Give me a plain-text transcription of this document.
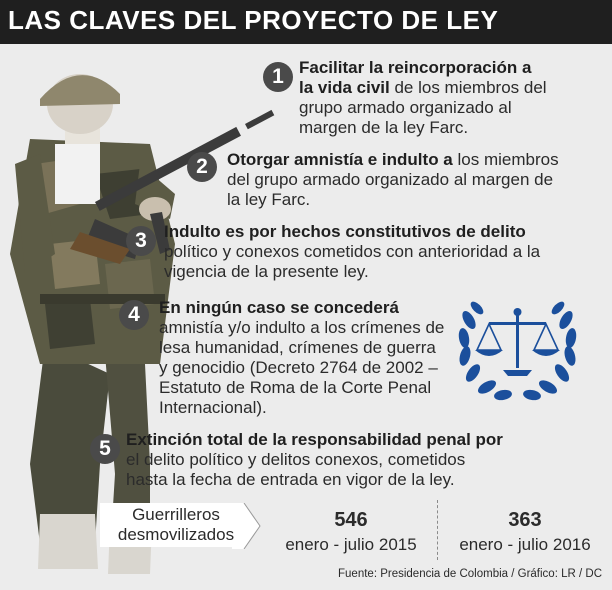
LAS CLAVES DEL PROYECTO DE LEY
1 Facilitar la reincorporación a la vida civil de los miembros del grupo armado organizado al margen de la ley Farc.
2	Otorgar amnistía e indulto a los miembros del grupo armado organizado al margen de la ley Farc.
3	Indulto es por hechos constitutivos de delito político y conexos cometidos con anterioridad a la vigencia de la presente ley.
4	En ningún caso se concederá amnistía y/o indulto a los crímenes de lesa humanidad, crímenes de guerra y genocidio (Decreto 2764 de 2002 – Estatuto de Roma de la Corte Penal Internacional).
5 Extinción total de la responsabilidad penal por el delito político y delitos conexos, cometidos hasta la fecha de entrada en vigor de la ley.
Guerrilleros desmovilizados
546
enero - julio 2015
363
enero - julio 2016
Fuente: Presidencia de Colombia / Gráfico: LR / DC
